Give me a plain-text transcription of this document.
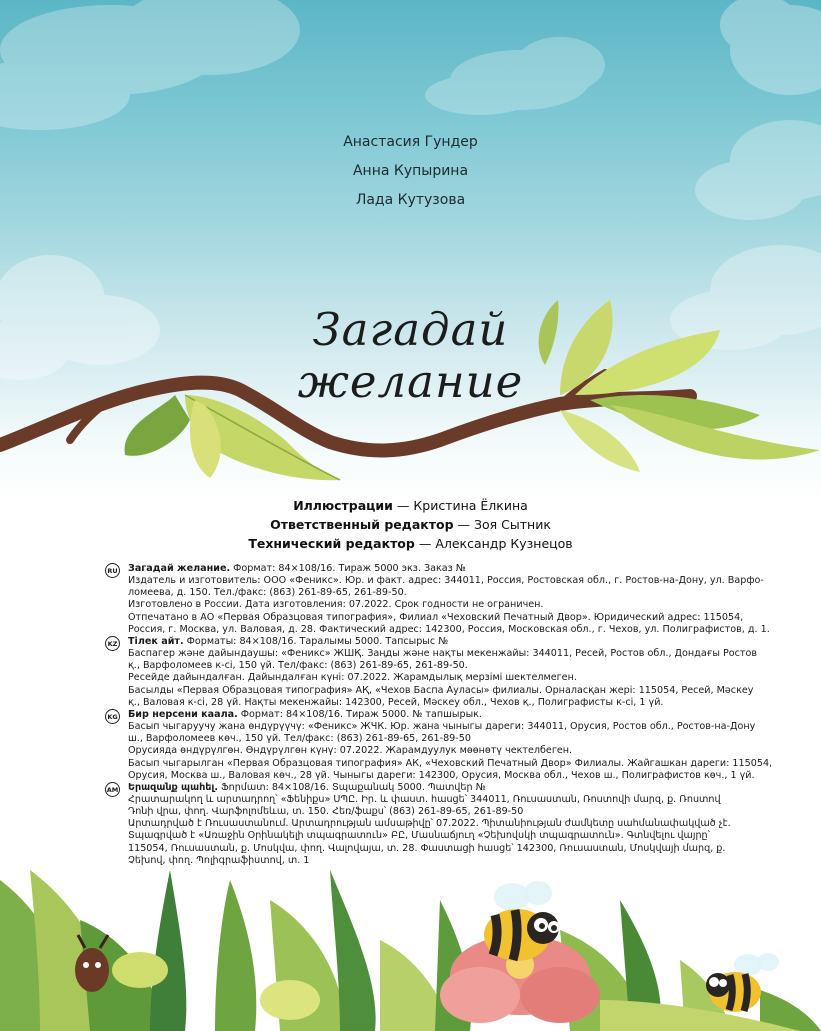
Анастасия Гундер
Анна Купырина
Лада Кутузова
Загадай
желание
Иллюстрации — Кристина Ёлкина
Ответственный редактор — Зоя Сытник
Технический редактор — Александр Кузнецов
RU Загадай желание. Формат: 84×108/16. Тираж 5000 экз. Заказ №
Издатель и изготовитель: ООО «Феникс». Юр. и факт. адрес: 344011, Россия, Ростовская обл., г. Ростов-на-Дону, ул. Варфо-
ломеева, д. 150. Тел./факс: (863) 261-89-65, 261-89-50.
Изготовлено в России. Дата изготовления: 07.2022. Срок годности не ограничен.
Отпечатано в АО «Первая Образцовая типография», Филиал «Чеховский Печатный Двор». Юридический адрес: 115054,
Россия, г. Москва, ул. Валовая, д. 28. Фактический адрес: 142300, Россия, Московская обл., г. Чехов, ул. Полиграфистов, д. 1.
KZ Тілек айт. Форматы: 84×108/16. Таралымы 5000. Тапсырыс №
Баспагер және дайындаушы: «Феникс» ЖШҚ. Заңды және нақты мекенжайы: 344011, Ресей, Ростов обл., Дондағы Ростов
қ., Варфоломеев к-сі, 150 үй. Тел/факс: (863) 261-89-65, 261-89-50.
Ресейде дайындалған. Дайындалған күні: 07.2022. Жарамдылық мерзімі шектелмеген.
Басылды «Первая Образцовая типография» АҚ, «Чехов Баспа Ауласы» филиалы. Орналасқан жері: 115054, Ресей, Мәскеу
қ., Валовая к-сі, 28 үй. Нақты мекенжайы: 142300, Ресей, Мәскеу обл., Чехов қ., Полиграфисты к-сі, 1 үй.
KG Бир нерсени каала. Формат: 84×108/16. Тираж 5000. № тапшырык.
Басып чыгаруучу жана өндүрүүчү: «Феникс» ЖЧК. Юр. жана чыныгы дареги: 344011, Орусия, Ростов обл., Ростов-на-Дону
ш., Варфоломеев көч., 150 үй. Тел/факс: (863) 261-89-65, 261-89-50
Орусияда өндүрүлгөн. Өндүрүлгөн күнү: 07.2022. Жарамдуулук мөөнөтү чектелбеген.
Басып чыгарылган «Первая Образцовая типография» АК, «Чеховский Печатный Двор» Филиалы. Жайгашкан дареги: 115054,
Орусия, Москва ш., Валовая көч., 28 үй. Чыныгы дареги: 142300, Орусия, Москва обл., Чехов ш., Полиграфистов көч., 1 үй.
AM Երազանք պահել. Ֆորմատ: 84×108/16. Տպաքանակ 5000. Պատվեր №
Հրատարակող և արտադրող՝ «Ֆենիքս» ՍՊԸ. Իր. և փաստ. հասցե՝ 344011, Ռուսաստան, Ռոստովի մարզ, ք. Ռոստով
Դոնի վրա, փող. Վարֆոլոմեևա, տ. 150. Հեռ/ֆաքս՝ (863) 261-89-65, 261-89-50
Արտադրված է Ռուսաստանում. Արտադրության ամսաթիվը՝ 07.2022. Պիտանիության ժամկետը սահմանափակված չէ.
Տպագրված է «Առաջին Օրինակելի տպագրատուն» ԲԸ, Մասնաճյուղ «Չեխովսկի տպագրատուն». Գտնվելու վայրը՝
115054, Ռուսաստան, ք. Մոսկվա, փող. Վալովայա, տ. 28. Փաստացի հասցե՝ 142300, Ռուսաստան, Մոսկվայի մարզ, ք.
Չեխով, փող. Պոլիգրաֆիստով, տ. 1
